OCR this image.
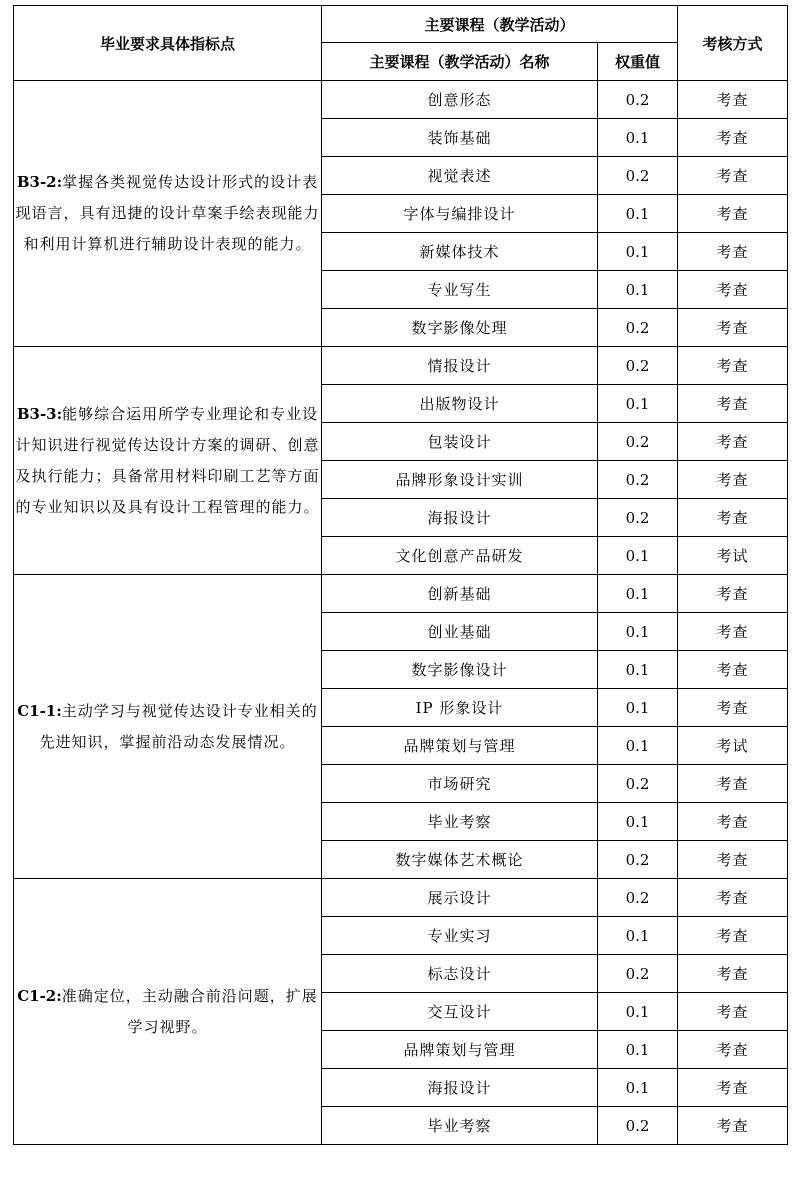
毕业要求具体指标点	主要课程（教学活动）		考核方式
	主要课程（教学活动）名称	权重值	
B3-2:掌握各类视觉传达设计形式的设计表现语言，具有迅捷的设计草案手绘表现能力和利用计算机进行辅助设计表现的能力。	创意形态	0.2	考查
	装饰基础	0.1	考查
	视觉表述	0.2	考查
	字体与编排设计	0.1	考查
	新媒体技术	0.1	考查
	专业写生	0.1	考查
	数字影像处理	0.2	考查
B3-3:能够综合运用所学专业理论和专业设计知识进行视觉传达设计方案的调研、创意及执行能力；具备常用材料印刷工艺等方面的专业知识以及具有设计工程管理的能力。	情报设计	0.2	考查
	出版物设计	0.1	考查
	包装设计	0.2	考查
	品牌形象设计实训	0.2	考查
	海报设计	0.2	考查
	文化创意产品研发	0.1	考试
C1-1:主动学习与视觉传达设计专业相关的先进知识，掌握前沿动态发展情况。	创新基础	0.1	考查
	创业基础	0.1	考查
	数字影像设计	0.1	考查
	IP 形象设计	0.1	考查
	品牌策划与管理	0.1	考试
	市场研究	0.2	考查
	毕业考察	0.1	考查
	数字媒体艺术概论	0.2	考查
C1-2:准确定位，主动融合前沿问题，扩展学习视野。	展示设计	0.2	考查
	专业实习	0.1	考查
	标志设计	0.2	考查
	交互设计	0.1	考查
	品牌策划与管理	0.1	考查
	海报设计	0.1	考查
	毕业考察	0.2	考查
